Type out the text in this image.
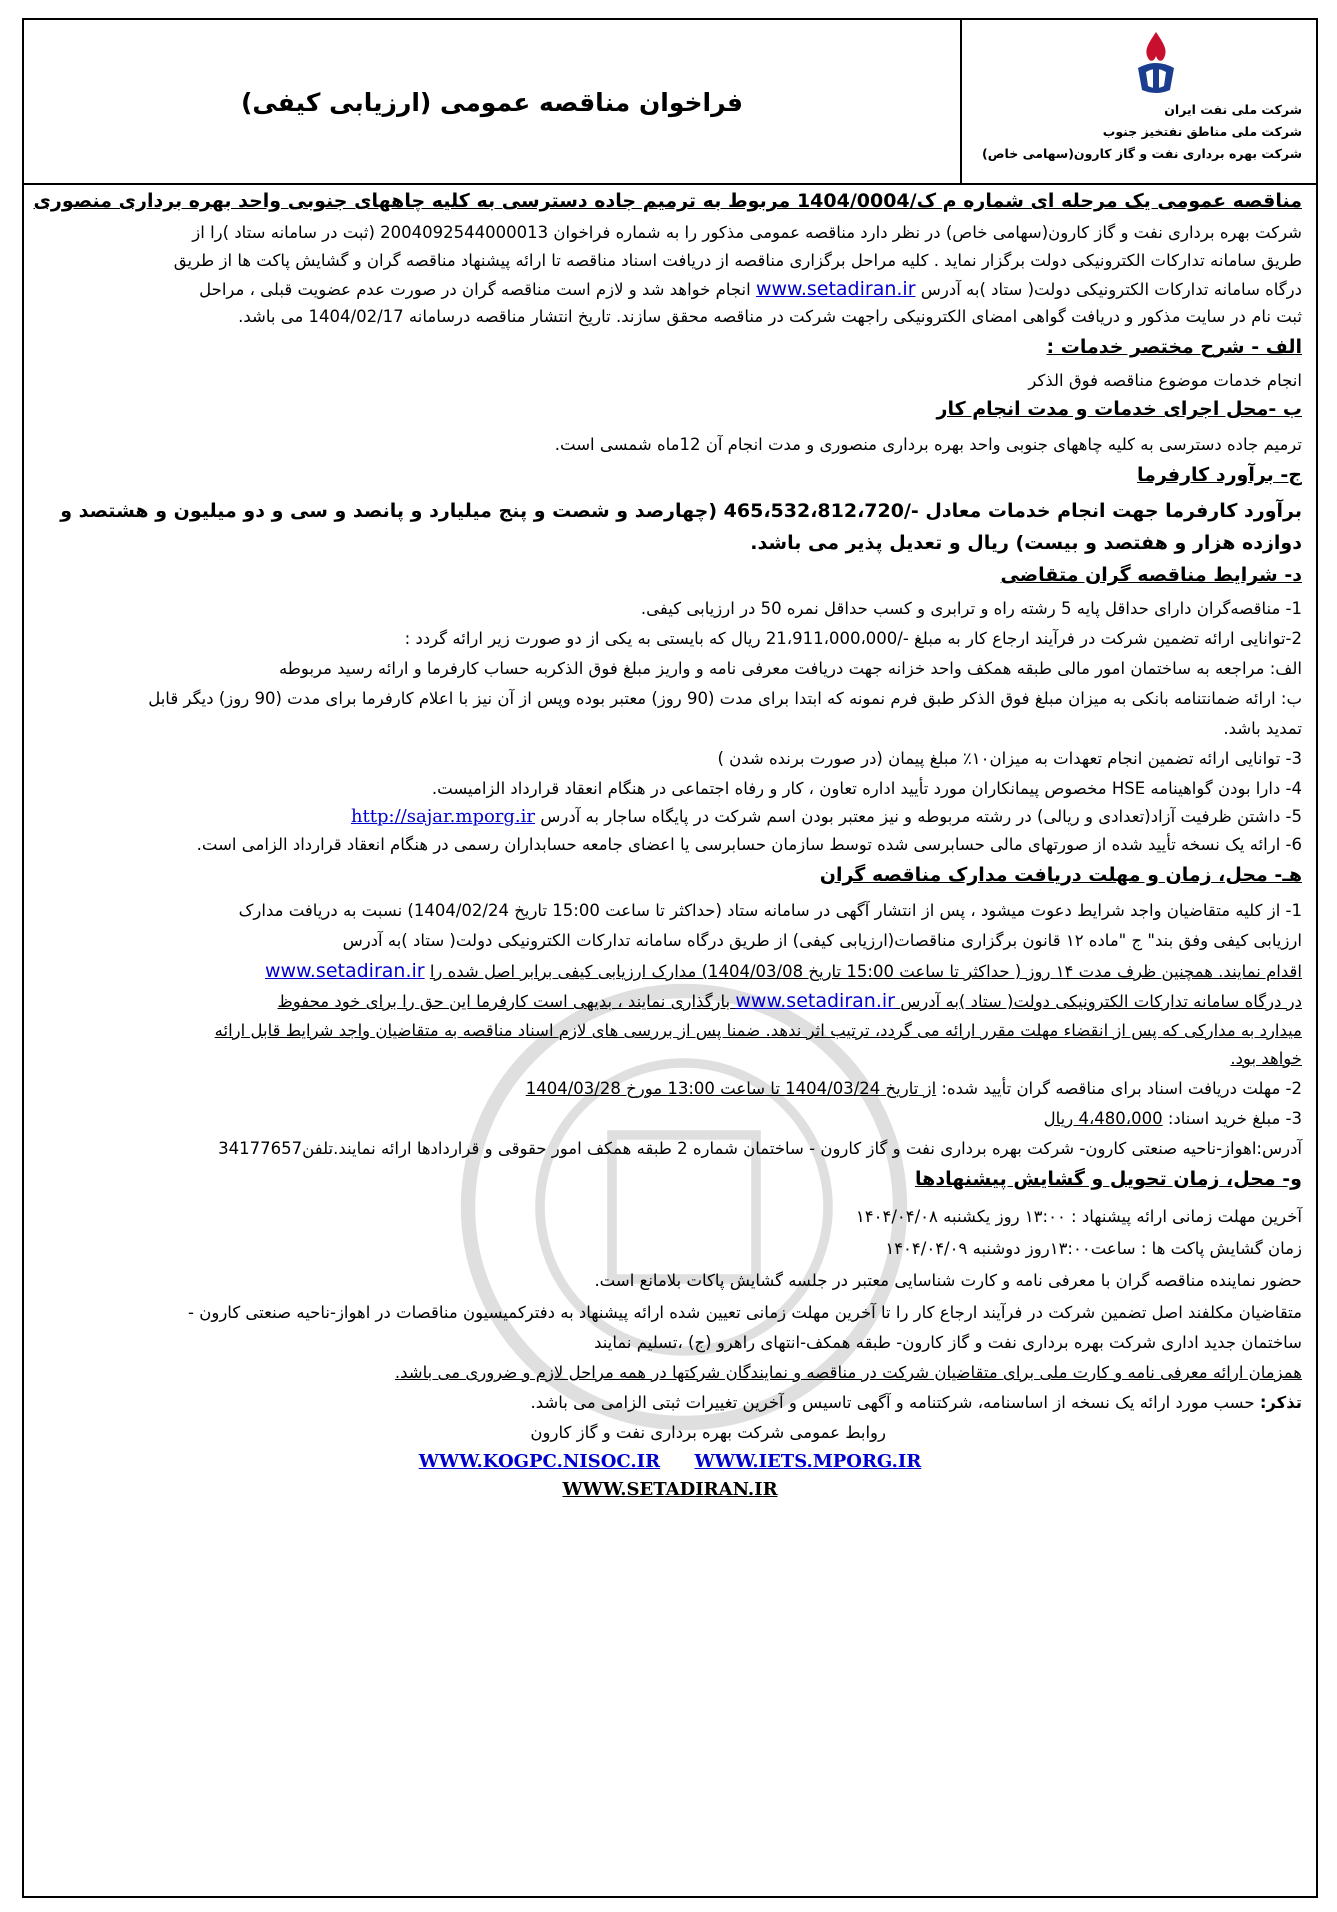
فراخوان مناقصه عمومی (ارزیابی کیفی)	شرکت ملی نفت ایران
شرکت ملی مناطق نفتخیز جنوب
شرکت بهره برداری نفت و گاز کارون(سهامی خاص)
مناقصه عمومی یک مرحله ای شماره م ک/1404/0004 مربوط به ترمیم جاده دسترسی به کلیه چاههای جنوبی واحد بهره برداری منصوری
شرکت بهره برداری نفت و گاز کارون(سهامی خاص) در نظر دارد مناقصه عمومی مذکور را به شماره فراخوان 2004092544000013 (ثبت در سامانه ستاد )را از
طریق سامانه تدارکات الکترونیکی دولت برگزار نماید . کلیه مراحل برگزاری مناقصه از دریافت اسناد مناقصه تا ارائه پیشنهاد مناقصه گران و گشایش پاکت ها از طریق
درگاه سامانه تدارکات الکترونیکی دولت( ستاد )به آدرس www.setadiran.ir انجام خواهد شد و لازم است مناقصه گران در صورت عدم عضویت قبلی ، مراحل
ثبت نام در سایت مذکور و دریافت گواهی امضای الکترونیکی راجهت شرکت در مناقصه محقق سازند. تاریخ انتشار مناقصه درسامانه 1404/02/17 می باشد.
الف - شرح مختصر خدمات :
انجام خدمات موضوع مناقصه فوق الذکر
ب -محل اجرای خدمات و مدت انجام کار
ترمیم جاده دسترسی به کلیه چاههای جنوبی واحد بهره برداری منصوری و مدت انجام آن 12ماه شمسی است.
ج- برآورد کارفرما
برآورد کارفرما جهت انجام خدمات معادل -/465،532،812،720 (چهارصد و شصت و پنج میلیارد و پانصد و سی و دو میلیون و هشتصد و
دوازده هزار و هفتصد و بیست) ریال و تعدیل پذیر می باشد.
د- شرایط مناقصه گران متقاضی
1- مناقصه‌گران دارای حداقل پایه 5 رشته راه و ترابری و کسب حداقل نمره 50 در ارزیابی کیفی.
2-توانایی ارائه تضمین شرکت در فرآیند ارجاع کار به مبلغ -/21،911،000،000 ریال که بایستی به یکی از دو صورت زیر ارائه گردد :
الف: مراجعه به ساختمان امور مالی طبقه همکف واحد خزانه جهت دریافت معرفی نامه و واریز مبلغ فوق الذکربه حساب کارفرما و ارائه رسید مربوطه
ب: ارائه ضمانتنامه بانکی به میزان مبلغ فوق الذکر طبق فرم نمونه که ابتدا برای مدت (90 روز) معتبر بوده وپس از آن نیز با اعلام کارفرما برای مدت (90 روز) دیگر قابل
تمدید باشد.
3- توانایی ارائه تضمین انجام تعهدات به میزان۱۰٪ مبلغ پیمان (در صورت برنده شدن )
4- دارا بودن گواهینامه HSE مخصوص پیمانکاران مورد تأیید اداره تعاون ، کار و رفاه اجتماعی در هنگام انعقاد قرارداد الزامیست.
5- داشتن ظرفیت آزاد(تعدادی و ریالی) در رشته مربوطه و نیز معتبر بودن اسم شرکت در پایگاه ساجار به آدرس http://sajar.mporg.ir
6- ارائه یک نسخه تأیید شده از صورتهای مالی حسابرسی شده توسط سازمان حسابرسی یا اعضای جامعه حسابداران رسمی در هنگام انعقاد قرارداد الزامی است.
هـ- محل، زمان و مهلت دریافت مدارک مناقصه گران
1- از کلیه متقاضیان واجد شرایط دعوت میشود ، پس از انتشار آگهی در سامانه ستاد (حداکثر تا ساعت 15:00 تاریخ 1404/02/24) نسبت به دریافت مدارک
ارزیابی کیفی وفق بند" ج "ماده ۱۲ قانون برگزاری مناقصات(ارزیابی کیفی) از طریق درگاه سامانه تدارکات الکترونیکی دولت( ستاد )به آدرس
اقدام نمایند. همچنین ظرف مدت ۱۴ روز ( حداکثر تا ساعت 15:00 تاریخ 1404/03/08) مدارک ارزیابی کیفی برابر اصل شده را www.setadiran.ir
در درگاه سامانه تدارکات الکترونیکی دولت( ستاد )به آدرس www.setadiran.ir بارگذاری نمایند ، بدیهی است کارفرما این حق را برای خود محفوظ
میدارد به مدارکی که پس از انقضاء مهلت مقرر ارائه می گردد، ترتیب اثر ندهد. ضمنا پس از بررسی های لازم اسناد مناقصه به متقاضیان واجد شرایط قابل ارائه
خواهد بود.
2- مهلت دریافت اسناد برای مناقصه گران تأیید شده: از تاریخ 1404/03/24 تا ساعت 13:00 مورخ 1404/03/28
3- مبلغ خرید اسناد: 4،480،000 ریال
آدرس:اهواز-ناحیه صنعتی کارون- شرکت بهره برداری نفت و گاز کارون - ساختمان شماره 2 طبقه همکف امور حقوقی و قراردادها ارائه نمایند.تلفن34177657
و- محل، زمان تحویل و گشایش پیشنهادها
آخرین مهلت زمانی ارائه پیشنهاد : ۱۳:۰۰ روز یکشنبه ۱۴۰۴/۰۴/۰۸
زمان گشایش پاکت ها : ساعت۱۳:۰۰روز دوشنبه ۱۴۰۴/۰۴/۰۹
حضور نماینده مناقصه گران با معرفی نامه و کارت شناسایی معتبر در جلسه گشایش پاکات بلامانع است.
متقاضیان مکلفند اصل تضمین شرکت در فرآیند ارجاع کار را تا آخرین مهلت زمانی تعیین شده ارائه پیشنهاد به دفترکمیسیون مناقصات در اهواز-ناحیه صنعتی کارون -
ساختمان جدید اداری شرکت بهره برداری نفت و گاز کارون- طبقه همکف-انتهای راهرو (ج) ،تسلیم نمایند
همزمان ارائه معرفی نامه و کارت ملی برای متقاضیان شرکت در مناقصه و نمایندگان شرکتها در همه مراحل لازم و ضروری می باشد.
تذکر: حسب مورد ارائه یک نسخه از اساسنامه، شرکتنامه و آگهی تاسیس و آخرین تغییرات ثبتی الزامی می باشد.
روابط عمومی شرکت بهره برداری نفت و گاز کارون
WWW.KOGPC.NISOC.IR WWW.IETS.MPORG.IR
WWW.SETADIRAN.IR
